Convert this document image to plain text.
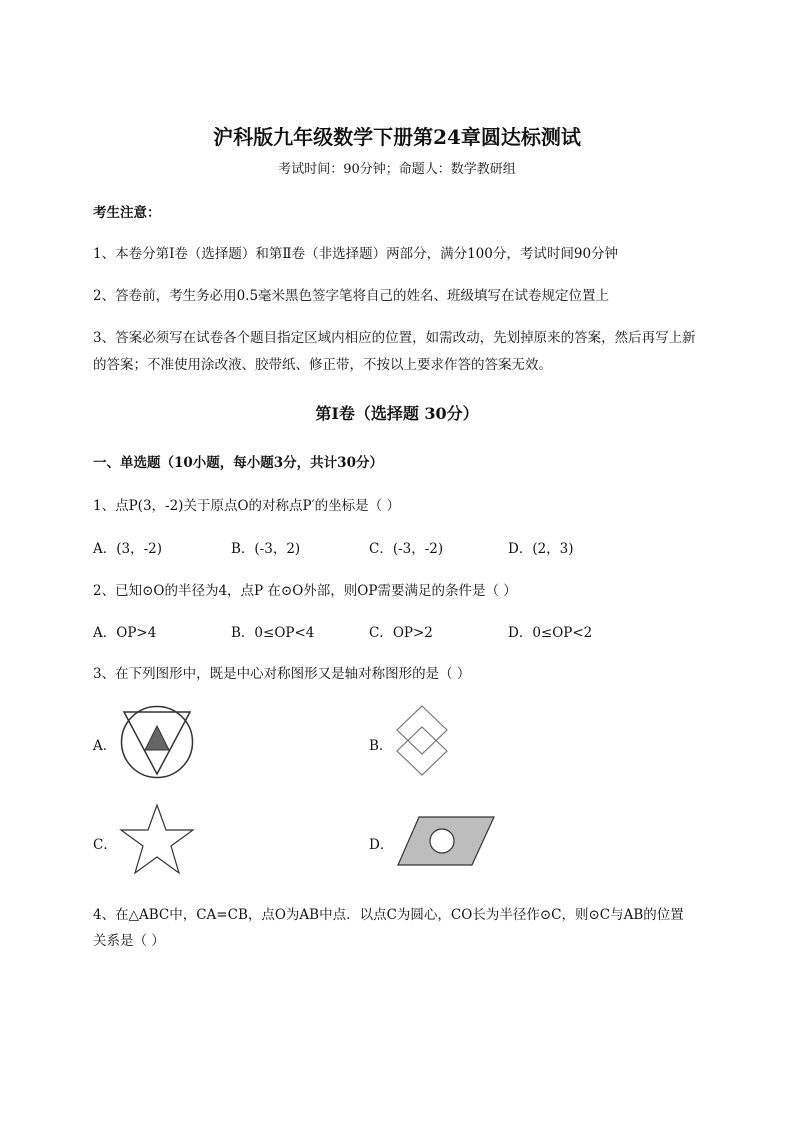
沪科版九年级数学下册第24章圆达标测试
考试时间：90分钟；命题人：数学教研组
考生注意：
1、本卷分第I卷（选择题）和第Ⅱ卷（非选择题）两部分，满分100分，考试时间90分钟
2、答卷前，考生务必用0.5毫米黑色签字笔将自己的姓名、班级填写在试卷规定位置上
3、答案必须写在试卷各个题目指定区域内相应的位置，如需改动，先划掉原来的答案，然后再写上新
的答案；不准使用涂改液、胶带纸、修正带，不按以上要求作答的答案无效。
第I卷（选择题 30分）
一、单选题（10小题，每小题3分，共计30分）
1、点P(3，-2)关于原点O的对称点P′的坐标是（ ）
A．(3，-2)	B．(-3，2)	C．(-3，-2)	D．(2，3)
2、已知⊙O的半径为4，点P 在⊙O外部，则OP需要满足的条件是（ ）
A．OP>4	B．0≤OP<4	C．OP>2	D．0≤OP<2
3、在下列图形中，既是中心对称图形又是轴对称图形的是（ ）
A．	B．
C．	D．
4、在△ABC中，CA=CB，点O为AB中点．以点C为圆心，CO长为半径作⊙C，则⊙C与AB的位置
关系是（ ）
